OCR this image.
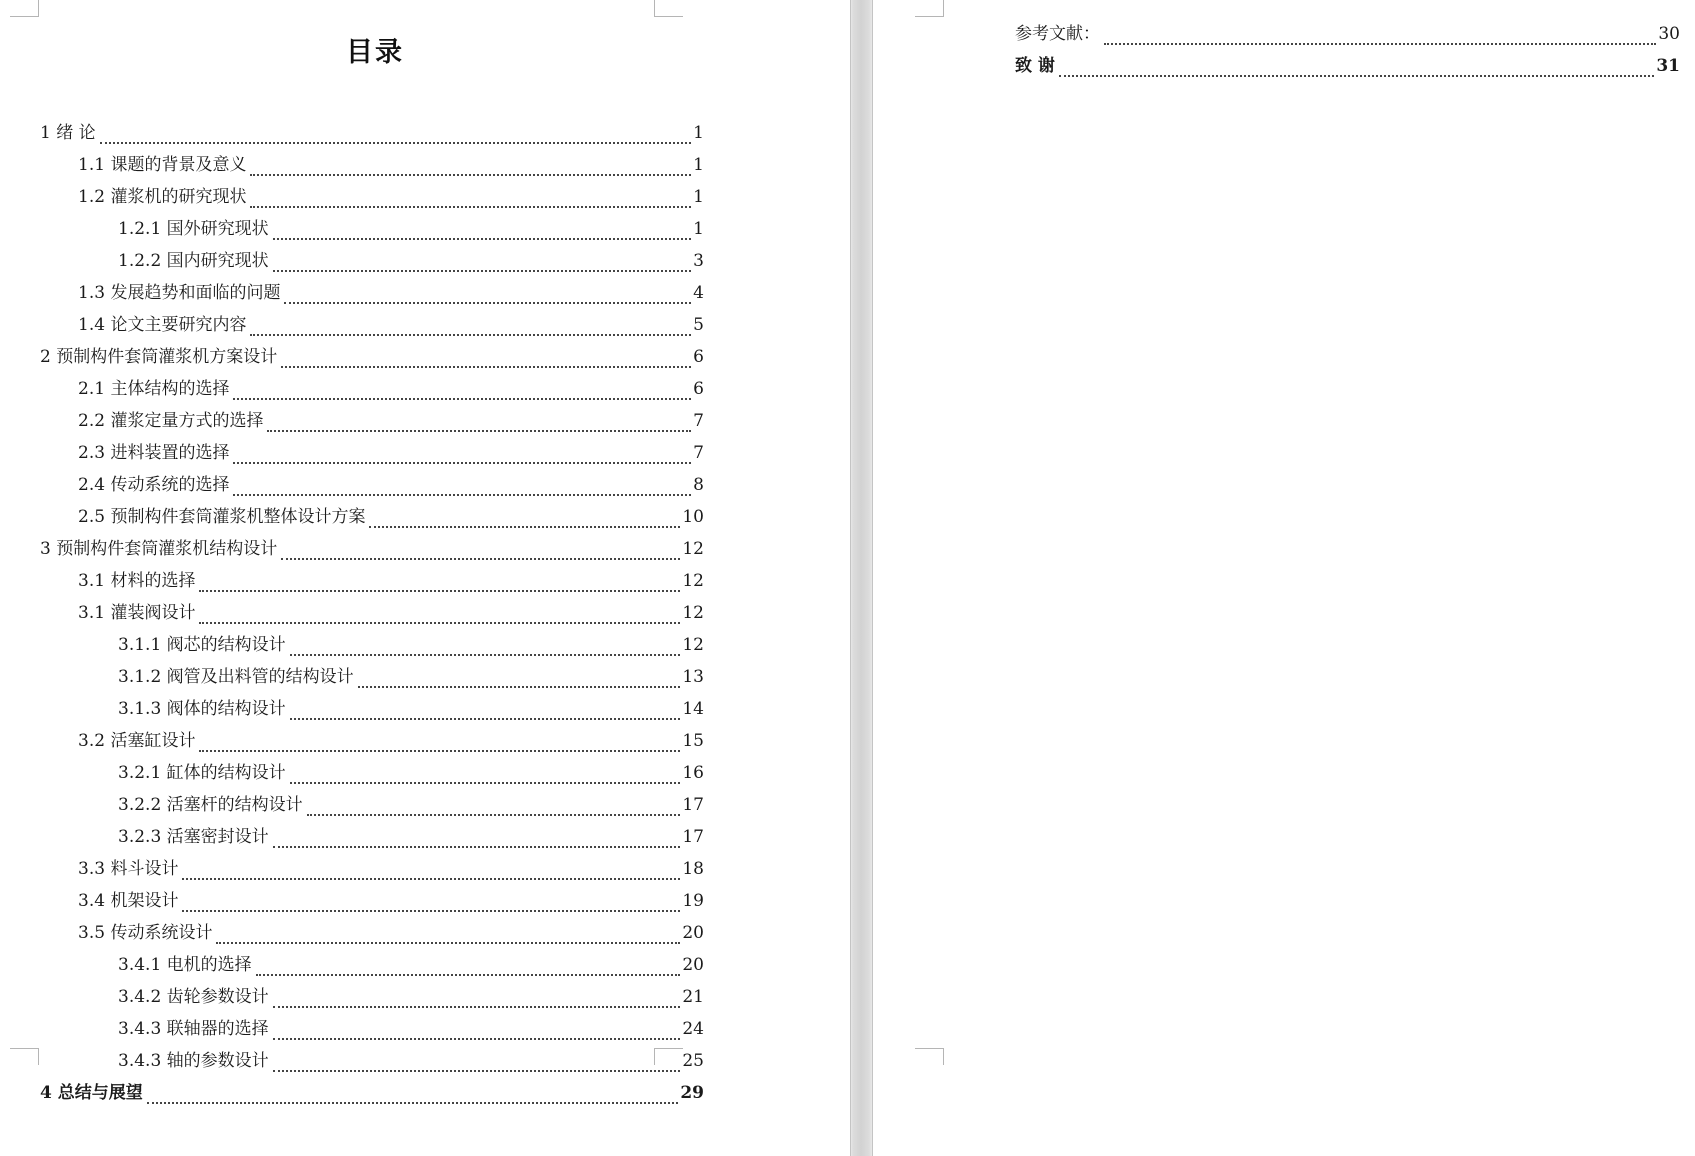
目录
1 绪 论	1
1.1 课题的背景及意义	1
1.2 灌浆机的研究现状	1
1.2.1 国外研究现状	1
1.2.2 国内研究现状	3
1.3 发展趋势和面临的问题	4
1.4 论文主要研究内容	5
2 预制构件套筒灌浆机方案设计	6
2.1 主体结构的选择	6
2.2 灌浆定量方式的选择	7
2.3 进料装置的选择	7
2.4 传动系统的选择	8
2.5 预制构件套筒灌浆机整体设计方案	10
3 预制构件套筒灌浆机结构设计	12
3.1 材料的选择	12
3.1 灌装阀设计	12
3.1.1 阀芯的结构设计	12
3.1.2 阀管及出料管的结构设计	13
3.1.3 阀体的结构设计	14
3.2 活塞缸设计	15
3.2.1 缸体的结构设计	16
3.2.2 活塞杆的结构设计	17
3.2.3 活塞密封设计	17
3.3 料斗设计	18
3.4 机架设计	19
3.5 传动系统设计	20
3.4.1 电机的选择	20
3.4.2 齿轮参数设计	21
3.4.3 联轴器的选择	24
3.4.3 轴的参数设计	25
4 总结与展望	29
参考文献：	30
致 谢	31
